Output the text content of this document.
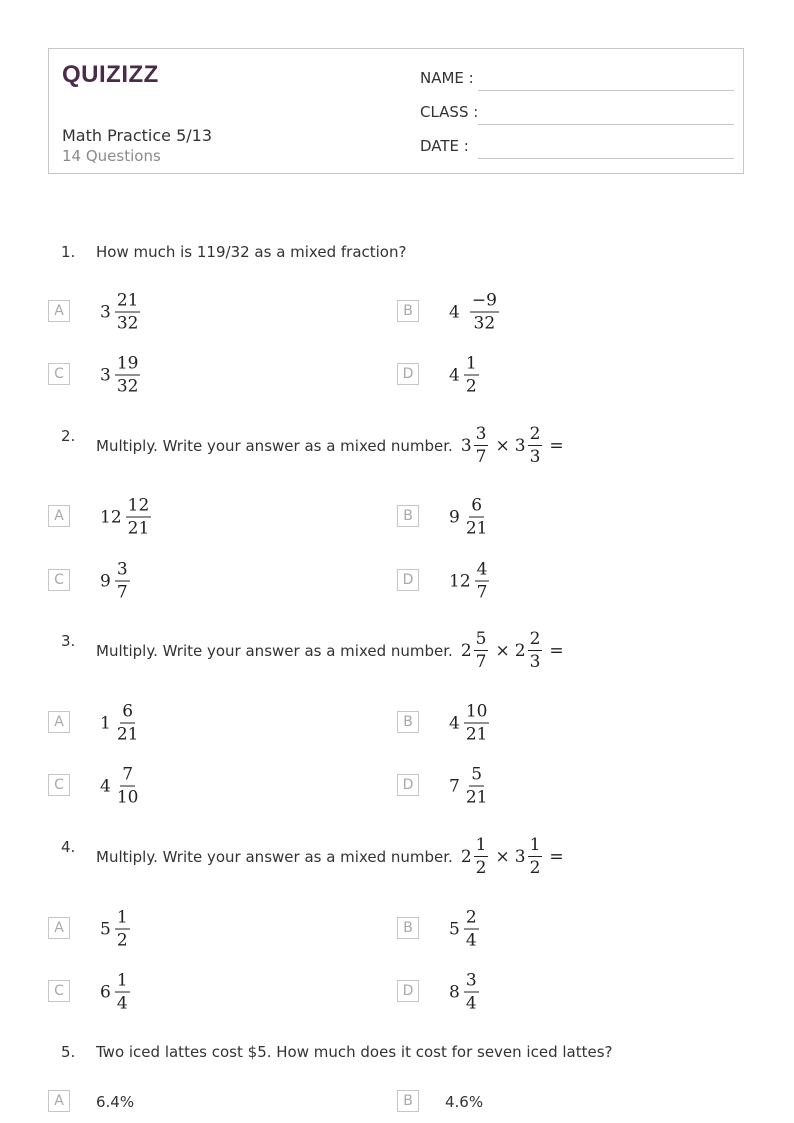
QUIZIZZ
Math Practice 5/13
14 Questions
NAME :
CLASS :
DATE :
1. How much is 119/32 as a mixed fraction?
A	$3 \frac{21}{32}$	B	$4 \frac{-9}{32}$
C	$3 \frac{19}{32}$	D	$4 \frac{1}{2}$
2.
Multiply. Write your answer as a mixed number. $3 \frac{3}{7} \times 3 \frac{2}{3}$ =
A	$12 \frac{12}{21}$	B	$9 \frac{6}{21}$
C	$9 \frac{3}{7}$	D	$12 \frac{4}{7}$
3.
Multiply. Write your answer as a mixed number. $2 \frac{5}{7} \times 2 \frac{2}{3}$ =
A	$1 \frac{6}{21}$	B	$4 \frac{10}{21}$
C	$4 \frac{7}{10}$	D	$7 \frac{5}{21}$
4.
Multiply. Write your answer as a mixed number. $2 \frac{1}{2} \times 3 \frac{1}{2}$ =
A	$5 \frac{1}{2}$	B	$5 \frac{2}{4}$
C	$6 \frac{1}{4}$	D	$8 \frac{3}{4}$
5. Two iced lattes cost $5. How much does it cost for seven iced lattes?
A	6.4%	B	4.6%
